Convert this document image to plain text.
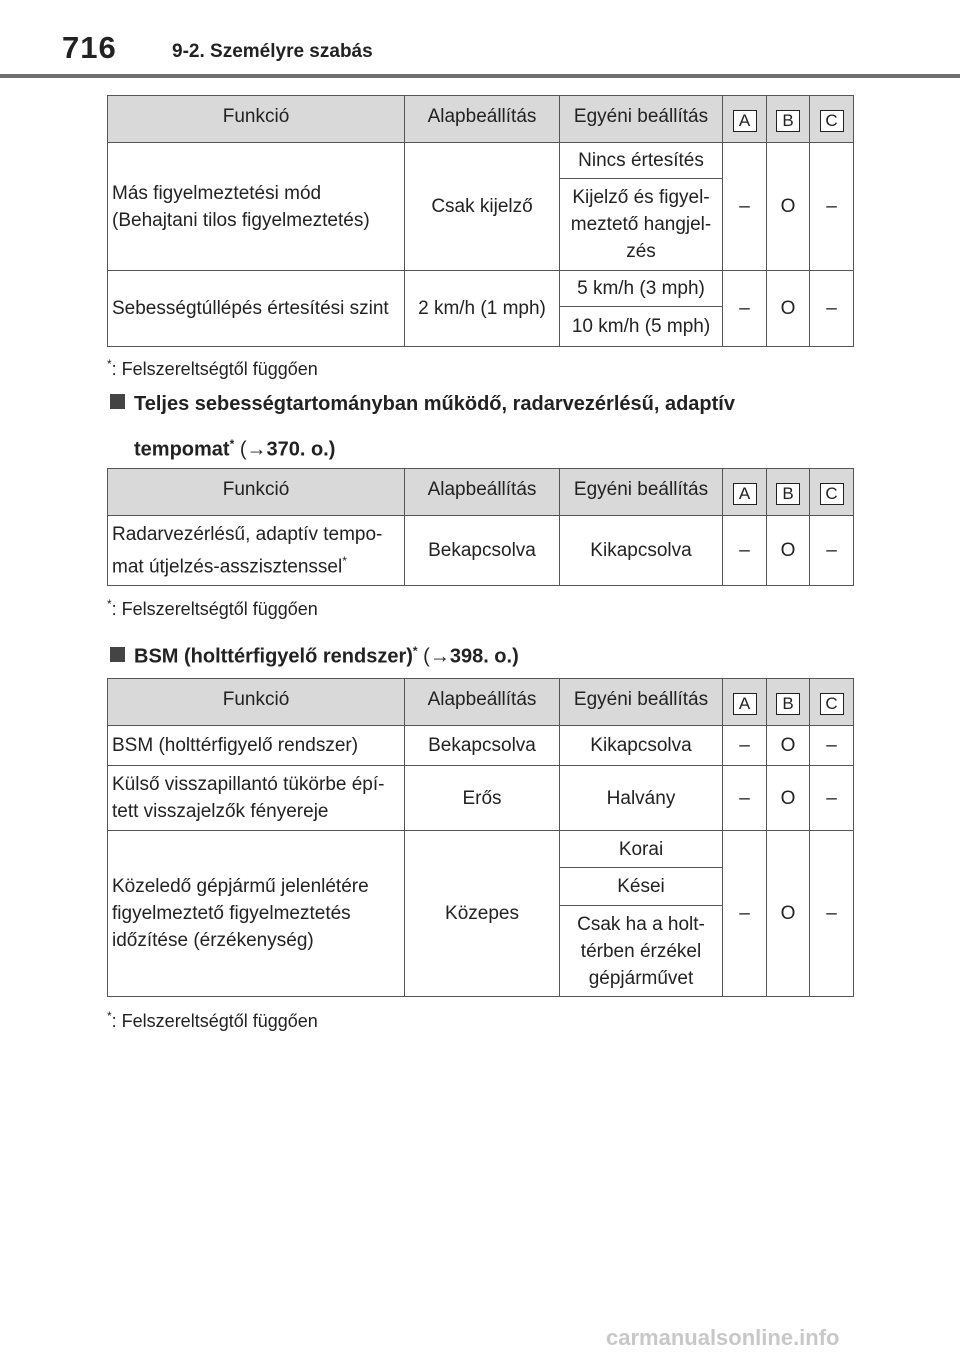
716	9-2. Személyre szabás
Funkció	Alapbeállítás	Egyéni beállítás	A	B	C
Más figyelmeztetési mód (Behajtani tilos figyelmeztetés)	Csak kijelző	Nincs értesítés	–	O	–
		Kijelző és figyel-meztető hangjel-zés			
Sebességtúllépés értesítési szint	2 km/h (1 mph)	5 km/h (3 mph)	–	O	–
		10 km/h (5 mph)			
*: Felszereltségtől függően
Teljes sebességtartományban működő, radarvezérlésű, adaptív
tempomat* (→370. o.)
Funkció	Alapbeállítás	Egyéni beállítás	A	B	C
Radarvezérlésű, adaptív tempo-mat útjelzés-asszisztenssel*	Bekapcsolva	Kikapcsolva	–	O	–
*: Felszereltségtől függően
BSM (holttérfigyelő rendszer)* (→398. o.)
Funkció	Alapbeállítás	Egyéni beállítás	A	B	C
BSM (holttérfigyelő rendszer)	Bekapcsolva	Kikapcsolva	–	O	–
Külső visszapillantó tükörbe épí-tett visszajelzők fényereje	Erős	Halvány	–	O	–
Közeledő gépjármű jelenlétére figyelmeztető figyelmeztetés időzítése (érzékenység)	Közepes	Korai	–	O	–
		Kései			
		Csak ha a holt-térben érzékel gépjárművet			
*: Felszereltségtől függően
carmanualsonline.info
